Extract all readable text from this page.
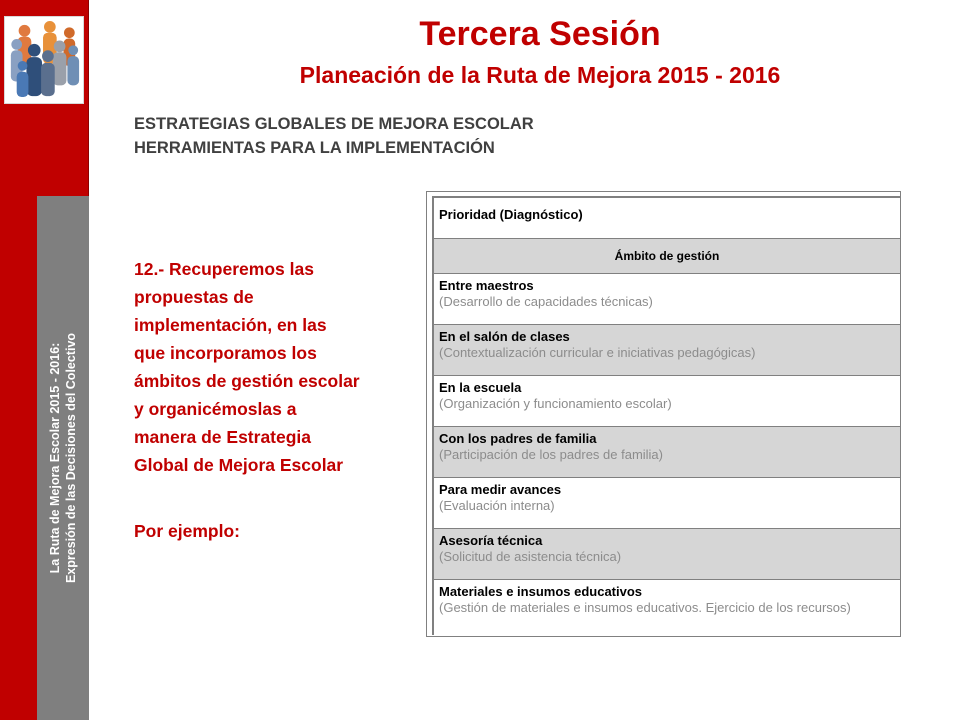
La Ruta de Mejora Escolar 2015 - 2016: Expresión de las Decisiones del Colectivo
Tercera Sesión
Planeación de la Ruta de Mejora 2015 - 2016
ESTRATEGIAS GLOBALES DE MEJORA ESCOLAR
HERRAMIENTAS PARA LA IMPLEMENTACIÓN
12.- Recuperemos las
propuestas de
implementación, en las
que incorporamos los
ámbitos de gestión escolar
y organicémoslas a
manera de Estrategia
Global de Mejora Escolar
Por ejemplo:
Prioridad (Diagnóstico)
Ámbito de gestión
Entre maestros
(Desarrollo de capacidades técnicas)
En el salón de clases
(Contextualización curricular e iniciativas pedagógicas)
En la escuela
(Organización y funcionamiento escolar)
Con los padres de familia
(Participación de los padres de familia)
Para medir avances
(Evaluación interna)
Asesoría técnica
(Solicitud de asistencia técnica)
Materiales e insumos educativos
(Gestión de materiales e insumos educativos. Ejercicio de los recursos)
